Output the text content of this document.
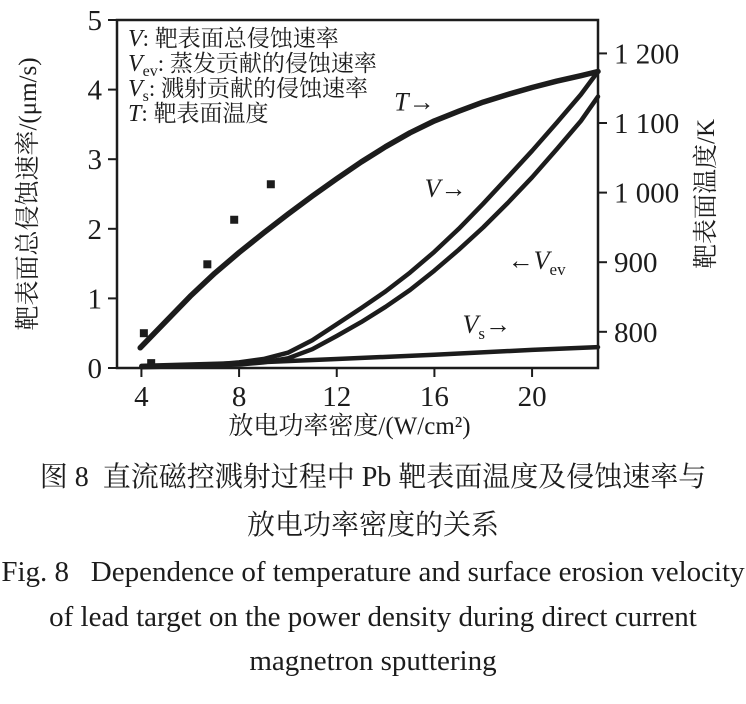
4	8	12 16 20
0
1
2
3
4
5
800
900
1 000
1 100
1 200
放电功率密度/(W/cm²)
靶表面总侵蚀速率/(μm/s)	靶表面温度/K
V: 靶表面总侵蚀速率
$V_{ev}$: 蒸发贡献的侵蚀速率
$V_s$: 溅射贡献的侵蚀速率
T: 靶表面温度	T→
V→
$\leftarrow V_{ev}$
$V_s\to$
图 8  直流磁控溅射过程中 Pb 靶表面温度及侵蚀速率与
放电功率密度的关系
Fig. 8   Dependence of temperature and surface erosion velocity
of lead target on the power density during direct current
magnetron sputtering
